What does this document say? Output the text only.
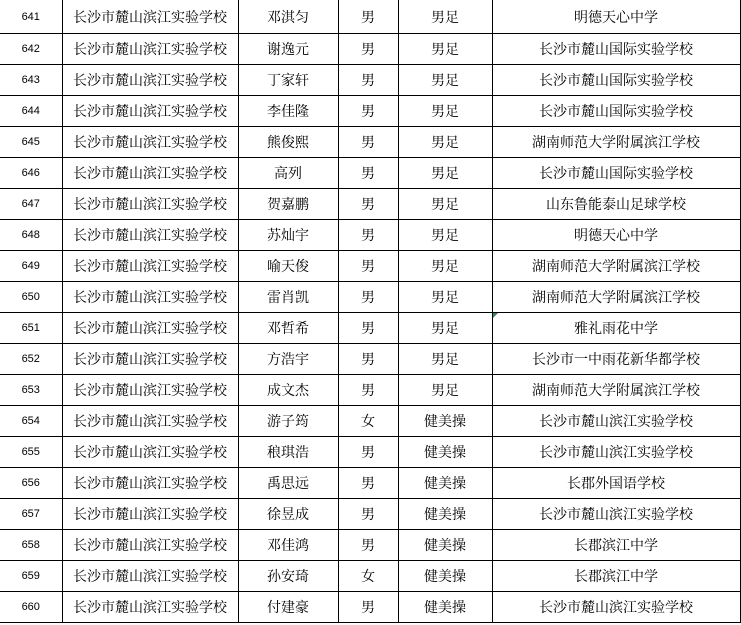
641	长沙市麓山滨江实验学校	邓淇匀	男	男足	明德天心中学
642	长沙市麓山滨江实验学校	谢逸元	男	男足	长沙市麓山国际实验学校
643	长沙市麓山滨江实验学校	丁家轩	男	男足	长沙市麓山国际实验学校
644	长沙市麓山滨江实验学校	李佳隆	男	男足	长沙市麓山国际实验学校
645	长沙市麓山滨江实验学校	熊俊熙	男	男足	湖南师范大学附属滨江学校
646	长沙市麓山滨江实验学校	高列	男	男足	长沙市麓山国际实验学校
647	长沙市麓山滨江实验学校	贺嘉鹏	男	男足	山东鲁能泰山足球学校
648	长沙市麓山滨江实验学校	苏灿宇	男	男足	明德天心中学
649	长沙市麓山滨江实验学校	喻天俊	男	男足	湖南师范大学附属滨江学校
650	长沙市麓山滨江实验学校	雷肖凯	男	男足	湖南师范大学附属滨江学校
651	长沙市麓山滨江实验学校	邓哲希	男	男足	雅礼雨花中学
652	长沙市麓山滨江实验学校	方浩宇	男	男足	长沙市一中雨花新华都学校
653	长沙市麓山滨江实验学校	成文杰	男	男足	湖南师范大学附属滨江学校
654	长沙市麓山滨江实验学校	游子筠	女	健美操	长沙市麓山滨江实验学校
655	长沙市麓山滨江实验学校	稂琪浩	男	健美操	长沙市麓山滨江实验学校
656	长沙市麓山滨江实验学校	禹思远	男	健美操	长郡外国语学校
657	长沙市麓山滨江实验学校	徐昱成	男	健美操	长沙市麓山滨江实验学校
658	长沙市麓山滨江实验学校	邓佳鸿	男	健美操	长郡滨江中学
659	长沙市麓山滨江实验学校	孙安琦	女	健美操	长郡滨江中学
660	长沙市麓山滨江实验学校	付建豪	男	健美操	长沙市麓山滨江实验学校
